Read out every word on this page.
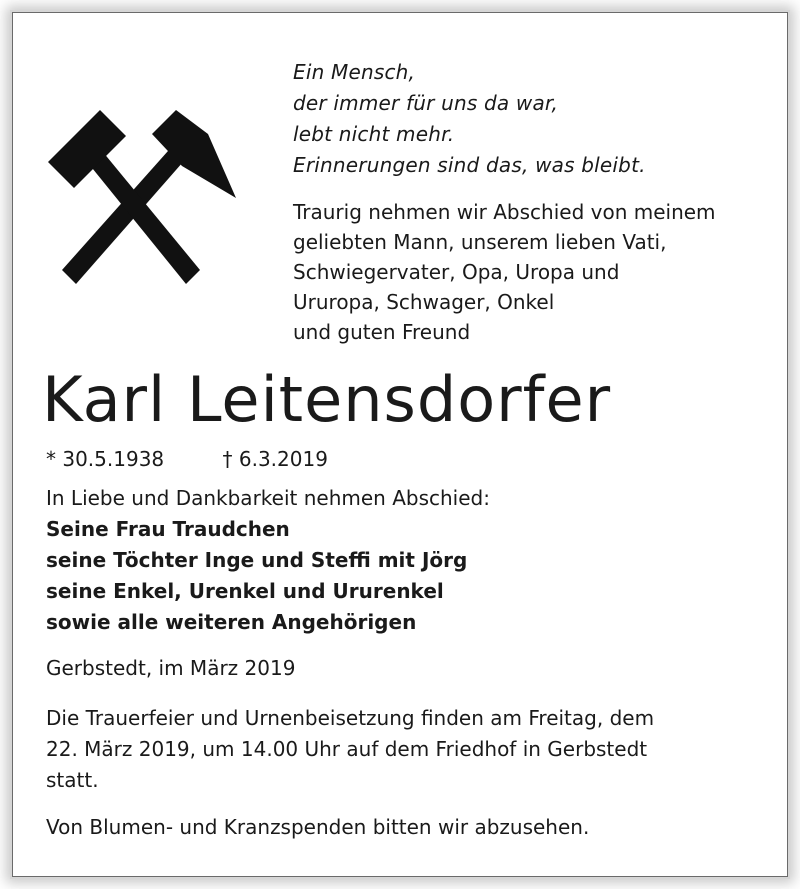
Ein Mensch,
der immer für uns da war,
lebt nicht mehr.
Erinnerungen sind das, was bleibt.
Traurig nehmen wir Abschied von meinem
geliebten Mann, unserem lieben Vati,
Schwiegervater, Opa, Uropa und
Ururopa, Schwager, Onkel
und guten Freund
Karl Leitensdorfer
* 30.5.1938	† 6.3.2019
In Liebe und Dankbarkeit nehmen Abschied:
Seine Frau Traudchen
seine Töchter Inge und Steffi mit Jörg
seine Enkel, Urenkel und Ururenkel
sowie alle weiteren Angehörigen
Gerbstedt, im März 2019
Die Trauerfeier und Urnenbeisetzung finden am Freitag, dem
22. März 2019, um 14.00 Uhr auf dem Friedhof in Gerbstedt
statt.
Von Blumen- und Kranzspenden bitten wir abzusehen.
